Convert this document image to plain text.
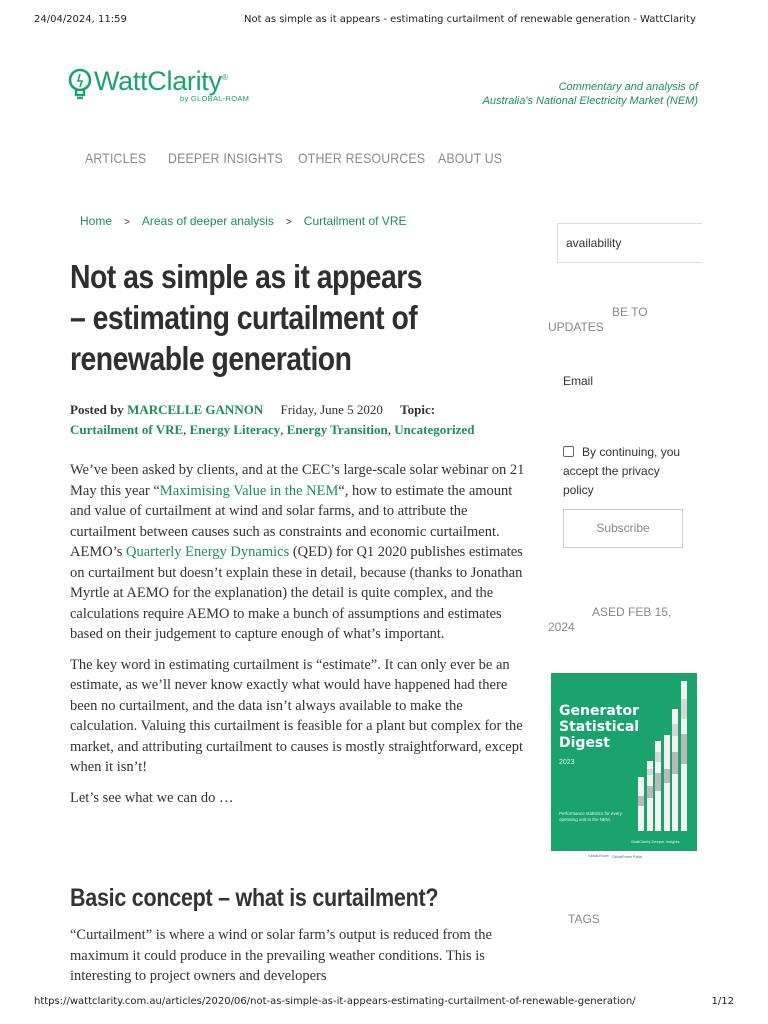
24/04/2024, 11:59	Not as simple as it appears - estimating curtailment of renewable generation - WattClarity
WattClarity®
by GLOBAL-ROAM
Commentary and analysis of
Australia's National Electricity Market (NEM)
ARTICLES DEEPER INSIGHTS OTHER RESOURCES ABOUT US
Home > Areas of deeper analysis > Curtailment of VRE
Not as simple as it appears – estimating curtailment of renewable generation
Posted by MARCELLE GANNON Friday, June 5 2020 Topic:
Curtailment of VRE, Energy Literacy, Energy Transition, Uncategorized

We’ve been asked by clients, and at the CEC’s large-scale solar webinar on 21 May this year “Maximising Value in the NEM“, how to estimate the amount and value of curtailment at wind and solar farms, and to attribute the curtailment between causes such as constraints and economic curtailment. AEMO’s Quarterly Energy Dynamics (QED) for Q1 2020 publishes estimates on curtailment but doesn’t explain these in detail, because (thanks to Jonathan Myrtle at AEMO for the explanation) the detail is quite complex, and the calculations require AEMO to make a bunch of assumptions and estimates based on their judgement to capture enough of what’s important.

The key word in estimating curtailment is “estimate”. It can only ever be an estimate, as we’ll never know exactly what would have happened had there been no curtailment, and the data isn’t always available to make the calculation. Valuing this curtailment is feasible for a plant but complex for the market, and attributing curtailment to causes is mostly straightforward, except when it isn’t!

Let’s see what we can do …

Basic concept – what is curtailment?
“Curtailment” is where a wind or solar farm’s output is reduced from the maximum it could produce in the prevailing weather conditions. This is interesting to project owners and developers
availability
BE TO
UPDATES
Email
By continuing, you accept the privacy policy
Subscribe
ASED FEB 15,
2024
Generator
Statistical
Digest
2023
Performance statistics for every operating unit in the NEM.
WattClarity Deeper Insights
Global-Roam GlobalPower Portal
TAGS
https://wattclarity.com.au/articles/2020/06/not-as-simple-as-it-appears-estimating-curtailment-of-renewable-generation/	1/12
